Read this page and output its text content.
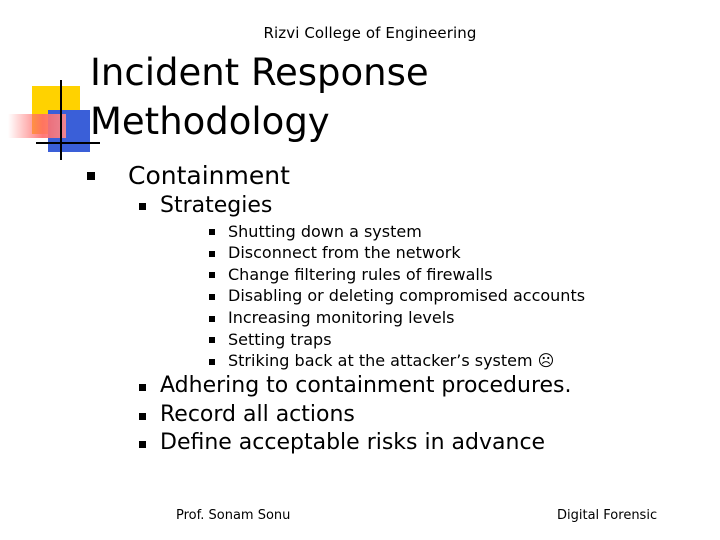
Rizvi College of Engineering
Incident Response
Methodology
Containment
Strategies
Shutting down a system
Disconnect from the network
Change filtering rules of firewalls
Disabling or deleting compromised accounts
Increasing monitoring levels
Setting traps
Striking back at the attacker’s system ☹
Adhering to containment procedures.
Record all actions
Define acceptable risks in advance
Prof. Sonam Sonu	Digital Forensic
